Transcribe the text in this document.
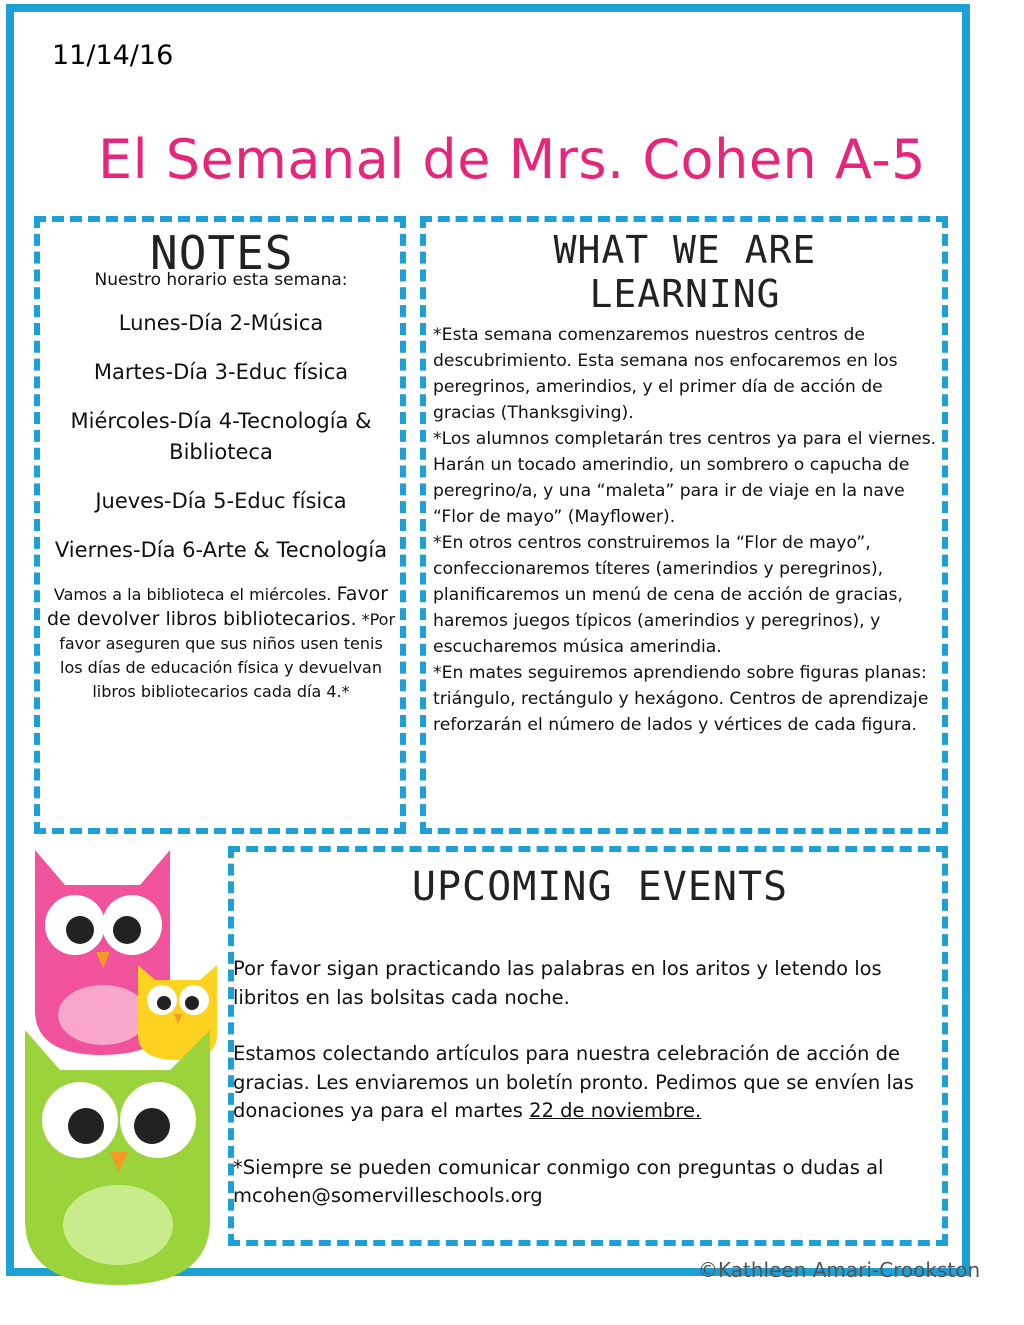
11/14/16
El Semanal de Mrs. Cohen A-5
NOTES
Nuestro horario esta semana:
Lunes-Día 2-Música
Martes-Día 3-Educ física
Miércoles-Día 4-Tecnología & Biblioteca
Jueves-Día 5-Educ física
Viernes-Día 6-Arte & Tecnología
Vamos a la biblioteca el miércoles. Favor de devolver libros bibliotecarios. *Por favor aseguren que sus niños usen tenis los días de educación física y devuelvan libros bibliotecarios cada día 4.*
WHAT WE ARE LEARNING

*Esta semana comenzaremos nuestros centros de descubrimiento. Esta semana nos enfocaremos en los peregrinos, amerindios, y el primer día de acción de gracias (Thanksgiving).

*Los alumnos completarán tres centros ya para el viernes. Harán un tocado amerindio, un sombrero o capucha de peregrino/a, y una “maleta” para ir de viaje en la nave “Flor de mayo” (Mayflower).

*En otros centros construiremos la “Flor de mayo”, confeccionaremos títeres (amerindios y peregrinos), planificaremos un menú de cena de acción de gracias, haremos juegos típicos (amerindios y peregrinos), y escucharemos música amerindia.

*En mates seguiremos aprendiendo sobre figuras planas: triángulo, rectángulo y hexágono. Centros de aprendizaje reforzarán el número de lados y vértices de cada figura.

UPCOMING EVENTS

Por favor sigan practicando las palabras en los aritos y letendo los libritos en las bolsitas cada noche.

Estamos colectando artículos para nuestra celebración de acción de gracias. Les enviaremos un boletín pronto. Pedimos que se envíen las donaciones ya para el martes 22 de noviembre.

*Siempre se pueden comunicar conmigo con preguntas o dudas al mcohen@somervilleschools.org

©Kathleen Amari-Crookston
